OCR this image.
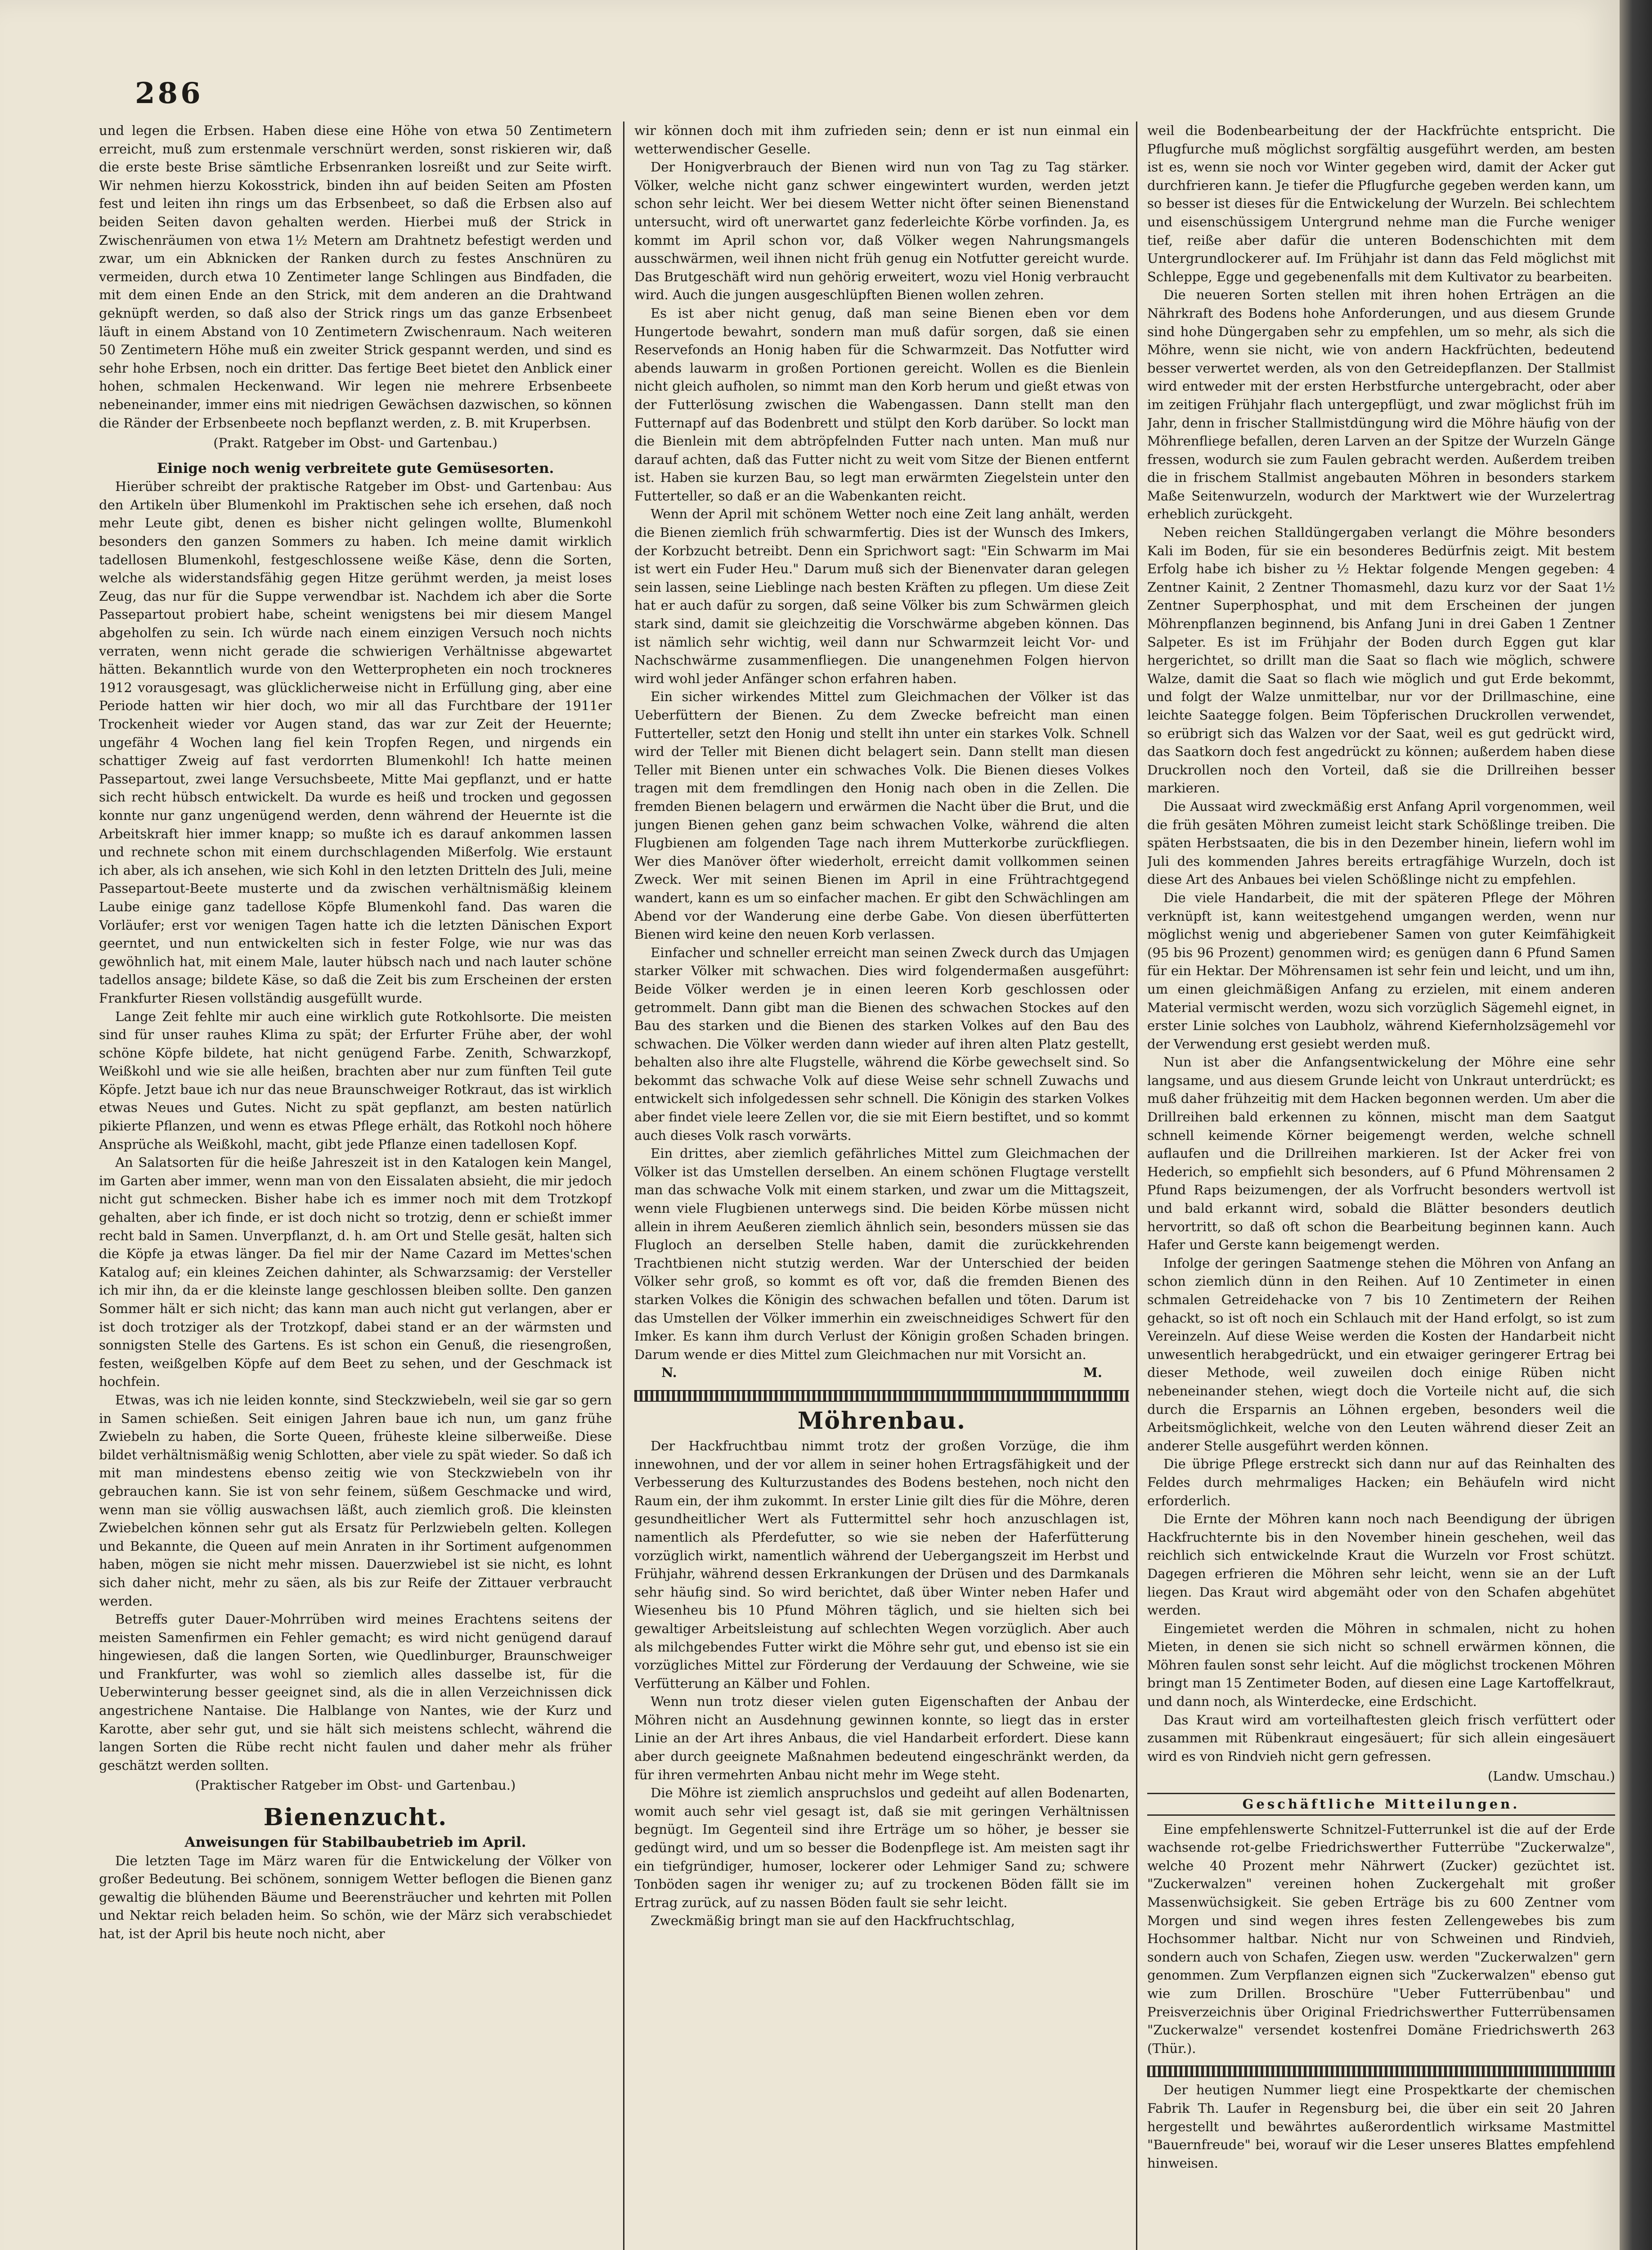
286

und legen die Erbsen. Haben diese eine Höhe von etwa 50 Zentimetern erreicht, muß zum erstenmale verschnürt werden, sonst riskieren wir, daß die erste beste Brise sämtliche Erbsenranken losreißt und zur Seite wirft. Wir nehmen hierzu Kokosstrick, binden ihn auf beiden Seiten am Pfosten fest und leiten ihn rings um das Erbsenbeet, so daß die Erbsen also auf beiden Seiten davon gehalten werden. Hierbei muß der Strick in Zwischenräumen von etwa 1½ Metern am Drahtnetz befestigt werden und zwar, um ein Abknicken der Ranken durch zu festes Anschnüren zu vermeiden, durch etwa 10 Zentimeter lange Schlingen aus Bindfaden, die mit dem einen Ende an den Strick, mit dem anderen an die Drahtwand geknüpft werden, so daß also der Strick rings um das ganze Erbsenbeet läuft in einem Abstand von 10 Zentimetern Zwischenraum. Nach weiteren 50 Zentimetern Höhe muß ein zweiter Strick gespannt werden, und sind es sehr hohe Erbsen, noch ein dritter. Das fertige Beet bietet den Anblick einer hohen, schmalen Heckenwand. Wir legen nie mehrere Erbsenbeete nebeneinander, immer eins mit niedrigen Gewächsen dazwischen, so können die Ränder der Erbsenbeete noch bepflanzt werden, z. B. mit Kruperbsen.

(Prakt. Ratgeber im Obst- und Gartenbau.)

Einige noch wenig verbreitete gute Gemüsesorten.

Hierüber schreibt der praktische Ratgeber im Obst- und Gartenbau: Aus den Artikeln über Blumenkohl im Praktischen sehe ich ersehen, daß noch mehr Leute gibt, denen es bisher nicht gelingen wollte, Blumenkohl besonders den ganzen Sommers zu haben. Ich meine damit wirklich tadellosen Blumenkohl, festgeschlossene weiße Käse, denn die Sorten, welche als widerstandsfähig gegen Hitze gerühmt werden, ja meist loses Zeug, das nur für die Suppe verwendbar ist. Nachdem ich aber die Sorte Passepartout probiert habe, scheint wenigstens bei mir diesem Mangel abgeholfen zu sein. Ich würde nach einem einzigen Versuch noch nichts verraten, wenn nicht gerade die schwierigen Verhältnisse abgewartet hätten. Bekanntlich wurde von den Wetterpropheten ein noch trockneres 1912 vorausgesagt, was glücklicherweise nicht in Erfüllung ging, aber eine Periode hatten wir hier doch, wo mir all das Furchtbare der 1911er Trockenheit wieder vor Augen stand, das war zur Zeit der Heuernte; ungefähr 4 Wochen lang fiel kein Tropfen Regen, und nirgends ein schattiger Zweig auf fast verdorrten Blumenkohl! Ich hatte meinen Passepartout, zwei lange Versuchsbeete, Mitte Mai gepflanzt, und er hatte sich recht hübsch entwickelt. Da wurde es heiß und trocken und gegossen konnte nur ganz ungenügend werden, denn während der Heuernte ist die Arbeitskraft hier immer knapp; so mußte ich es darauf ankommen lassen und rechnete schon mit einem durchschlagenden Mißerfolg. Wie erstaunt ich aber, als ich ansehen, wie sich Kohl in den letzten Dritteln des Juli, meine Passepartout-Beete musterte und da zwischen verhältnismäßig kleinem Laube einige ganz tadellose Köpfe Blumenkohl fand. Das waren die Vorläufer; erst vor wenigen Tagen hatte ich die letzten Dänischen Export geerntet, und nun entwickelten sich in fester Folge, wie nur was das gewöhnlich hat, mit einem Male, lauter hübsch nach und nach lauter schöne tadellos ansage; bildete Käse, so daß die Zeit bis zum Erscheinen der ersten Frankfurter Riesen vollständig ausgefüllt wurde.

Lange Zeit fehlte mir auch eine wirklich gute Rotkohlsorte. Die meisten sind für unser rauhes Klima zu spät; der Erfurter Frühe aber, der wohl schöne Köpfe bildete, hat nicht genügend Farbe. Zenith, Schwarzkopf, Weißkohl und wie sie alle heißen, brachten aber nur zum fünften Teil gute Köpfe. Jetzt baue ich nur das neue Braunschweiger Rotkraut, das ist wirklich etwas Neues und Gutes. Nicht zu spät gepflanzt, am besten natürlich pikierte Pflanzen, und wenn es etwas Pflege erhält, das Rotkohl noch höhere Ansprüche als Weißkohl, macht, gibt jede Pflanze einen tadellosen Kopf.

An Salatsorten für die heiße Jahreszeit ist in den Katalogen kein Mangel, im Garten aber immer, wenn man von den Eissalaten absieht, die mir jedoch nicht gut schmecken. Bisher habe ich es immer noch mit dem Trotzkopf gehalten, aber ich finde, er ist doch nicht so trotzig, denn er schießt immer recht bald in Samen. Unverpflanzt, d. h. am Ort und Stelle gesät, halten sich die Köpfe ja etwas länger. Da fiel mir der Name Cazard im Mettes'schen Katalog auf; ein kleines Zeichen dahinter, als Schwarzsamig: der Versteller ich mir ihn, da er die kleinste lange geschlossen bleiben sollte. Den ganzen Sommer hält er sich nicht; das kann man auch nicht gut verlangen, aber er ist doch trotziger als der Trotzkopf, dabei stand er an der wärmsten und sonnigsten Stelle des Gartens. Es ist schon ein Genuß, die riesengroßen, festen, weißgelben Köpfe auf dem Beet zu sehen, und der Geschmack ist hochfein.

Etwas, was ich nie leiden konnte, sind Steckzwiebeln, weil sie gar so gern in Samen schießen. Seit einigen Jahren baue ich nun, um ganz frühe Zwiebeln zu haben, die Sorte Queen, früheste kleine silberweiße. Diese bildet verhältnismäßig wenig Schlotten, aber viele zu spät wieder. So daß ich mit man mindestens ebenso zeitig wie von Steckzwiebeln von ihr gebrauchen kann. Sie ist von sehr feinem, süßem Geschmacke und wird, wenn man sie völlig auswachsen läßt, auch ziemlich groß. Die kleinsten Zwiebelchen können sehr gut als Ersatz für Perlzwiebeln gelten. Kollegen und Bekannte, die Queen auf mein Anraten in ihr Sortiment aufgenommen haben, mögen sie nicht mehr missen. Dauerzwiebel ist sie nicht, es lohnt sich daher nicht, mehr zu säen, als bis zur Reife der Zittauer verbraucht werden.

Betreffs guter Dauer-Mohrrüben wird meines Erachtens seitens der meisten Samenfirmen ein Fehler gemacht; es wird nicht genügend darauf hingewiesen, daß die langen Sorten, wie Quedlinburger, Braunschweiger und Frankfurter, was wohl so ziemlich alles dasselbe ist, für die Ueberwinterung besser geeignet sind, als die in allen Verzeichnissen dick angestrichene Nantaise. Die Halblange von Nantes, wie der Kurz und Karotte, aber sehr gut, und sie hält sich meistens schlecht, während die langen Sorten die Rübe recht nicht faulen und daher mehr als früher geschätzt werden sollten.

(Praktischer Ratgeber im Obst- und Gartenbau.)

Bienenzucht.

Anweisungen für Stabilbaubetrieb im April.

Die letzten Tage im März waren für die Entwickelung der Völker von großer Bedeutung. Bei schönem, sonnigem Wetter beflogen die Bienen ganz gewaltig die blühenden Bäume und Beerensträucher und kehrten mit Pollen und Nektar reich beladen heim. So schön, wie der März sich verabschiedet hat, ist der April bis heute noch nicht, aber

wir können doch mit ihm zufrieden sein; denn er ist nun einmal ein wetterwendischer Geselle.

Der Honigverbrauch der Bienen wird nun von Tag zu Tag stärker. Völker, welche nicht ganz schwer eingewintert wurden, werden jetzt schon sehr leicht. Wer bei diesem Wetter nicht öfter seinen Bienenstand untersucht, wird oft unerwartet ganz federleichte Körbe vorfinden. Ja, es kommt im April schon vor, daß Völker wegen Nahrungsmangels ausschwärmen, weil ihnen nicht früh genug ein Notfutter gereicht wurde. Das Brutgeschäft wird nun gehörig erweitert, wozu viel Honig verbraucht wird. Auch die jungen ausgeschlüpften Bienen wollen zehren.

Es ist aber nicht genug, daß man seine Bienen eben vor dem Hungertode bewahrt, sondern man muß dafür sorgen, daß sie einen Reservefonds an Honig haben für die Schwarmzeit. Das Notfutter wird abends lauwarm in großen Portionen gereicht. Wollen es die Bienlein nicht gleich aufholen, so nimmt man den Korb herum und gießt etwas von der Futterlösung zwischen die Wabengassen. Dann stellt man den Futternapf auf das Bodenbrett und stülpt den Korb darüber. So lockt man die Bienlein mit dem abtröpfelnden Futter nach unten. Man muß nur darauf achten, daß das Futter nicht zu weit vom Sitze der Bienen entfernt ist. Haben sie kurzen Bau, so legt man erwärmten Ziegelstein unter den Futterteller, so daß er an die Wabenkanten reicht.

Wenn der April mit schönem Wetter noch eine Zeit lang anhält, werden die Bienen ziemlich früh schwarmfertig. Dies ist der Wunsch des Imkers, der Korbzucht betreibt. Denn ein Sprichwort sagt: "Ein Schwarm im Mai ist wert ein Fuder Heu." Darum muß sich der Bienenvater daran gelegen sein lassen, seine Lieblinge nach besten Kräften zu pflegen. Um diese Zeit hat er auch dafür zu sorgen, daß seine Völker bis zum Schwärmen gleich stark sind, damit sie gleichzeitig die Vorschwärme abgeben können. Das ist nämlich sehr wichtig, weil dann nur Schwarmzeit leicht Vor- und Nachschwärme zusammenfliegen. Die unangenehmen Folgen hiervon wird wohl jeder Anfänger schon erfahren haben.

Ein sicher wirkendes Mittel zum Gleichmachen der Völker ist das Ueberfüttern der Bienen. Zu dem Zwecke befreicht man einen Futterteller, setzt den Honig und stellt ihn unter ein starkes Volk. Schnell wird der Teller mit Bienen dicht belagert sein. Dann stellt man diesen Teller mit Bienen unter ein schwaches Volk. Die Bienen dieses Volkes tragen mit dem fremdlingen den Honig nach oben in die Zellen. Die fremden Bienen belagern und erwärmen die Nacht über die Brut, und die jungen Bienen gehen ganz beim schwachen Volke, während die alten Flugbienen am folgenden Tage nach ihrem Mutterkorbe zurückfliegen. Wer dies Manöver öfter wiederholt, erreicht damit vollkommen seinen Zweck. Wer mit seinen Bienen im April in eine Frühtrachtgegend wandert, kann es um so einfacher machen. Er gibt den Schwächlingen am Abend vor der Wanderung eine derbe Gabe. Von diesen überfütterten Bienen wird keine den neuen Korb verlassen.

Einfacher und schneller erreicht man seinen Zweck durch das Umjagen starker Völker mit schwachen. Dies wird folgendermaßen ausgeführt: Beide Völker werden je in einen leeren Korb geschlossen oder getrommelt. Dann gibt man die Bienen des schwachen Stockes auf den Bau des starken und die Bienen des starken Volkes auf den Bau des schwachen. Die Völker werden dann wieder auf ihren alten Platz gestellt, behalten also ihre alte Flugstelle, während die Körbe gewechselt sind. So bekommt das schwache Volk auf diese Weise sehr schnell Zuwachs und entwickelt sich infolgedessen sehr schnell. Die Königin des starken Volkes aber findet viele leere Zellen vor, die sie mit Eiern bestiftet, und so kommt auch dieses Volk rasch vorwärts.

Ein drittes, aber ziemlich gefährliches Mittel zum Gleichmachen der Völker ist das Umstellen derselben. An einem schönen Flugtage verstellt man das schwache Volk mit einem starken, und zwar um die Mittagszeit, wenn viele Flugbienen unterwegs sind. Die beiden Körbe müssen nicht allein in ihrem Aeußeren ziemlich ähnlich sein, besonders müssen sie das Flugloch an derselben Stelle haben, damit die zurückkehrenden Trachtbienen nicht stutzig werden. War der Unterschied der beiden Völker sehr groß, so kommt es oft vor, daß die fremden Bienen des starken Volkes die Königin des schwachen befallen und töten. Darum ist das Umstellen der Völker immerhin ein zweischneidiges Schwert für den Imker. Es kann ihm durch Verlust der Königin großen Schaden bringen. Darum wende er dies Mittel zum Gleichmachen nur mit Vorsicht an.

N.	M.

Möhrenbau.

Der Hackfruchtbau nimmt trotz der großen Vorzüge, die ihm innewohnen, und der vor allem in seiner hohen Ertragsfähigkeit und der Verbesserung des Kulturzustandes des Bodens bestehen, noch nicht den Raum ein, der ihm zukommt. In erster Linie gilt dies für die Möhre, deren gesundheitlicher Wert als Futtermittel sehr hoch anzuschlagen ist, namentlich als Pferdefutter, so wie sie neben der Haferfütterung vorzüglich wirkt, namentlich während der Uebergangszeit im Herbst und Frühjahr, während dessen Erkrankungen der Drüsen und des Darmkanals sehr häufig sind. So wird berichtet, daß über Winter neben Hafer und Wiesenheu bis 10 Pfund Möhren täglich, und sie hielten sich bei gewaltiger Arbeitsleistung auf schlechten Wegen vorzüglich. Aber auch als milchgebendes Futter wirkt die Möhre sehr gut, und ebenso ist sie ein vorzügliches Mittel zur Förderung der Verdauung der Schweine, wie sie Verfütterung an Kälber und Fohlen.

Wenn nun trotz dieser vielen guten Eigenschaften der Anbau der Möhren nicht an Ausdehnung gewinnen konnte, so liegt das in erster Linie an der Art ihres Anbaus, die viel Handarbeit erfordert. Diese kann aber durch geeignete Maßnahmen bedeutend eingeschränkt werden, da für ihren vermehrten Anbau nicht mehr im Wege steht.

Die Möhre ist ziemlich anspruchslos und gedeiht auf allen Bodenarten, womit auch sehr viel gesagt ist, daß sie mit geringen Verhältnissen begnügt. Im Gegenteil sind ihre Erträge um so höher, je besser sie gedüngt wird, und um so besser die Bodenpflege ist. Am meisten sagt ihr ein tiefgründiger, humoser, lockerer oder Lehmiger Sand zu; schwere Tonböden sagen ihr weniger zu; auf zu trockenen Böden fällt sie im Ertrag zurück, auf zu nassen Böden fault sie sehr leicht.

Zweckmäßig bringt man sie auf den Hackfruchtschlag,

weil die Bodenbearbeitung der der Hackfrüchte entspricht. Die Pflugfurche muß möglichst sorgfältig ausgeführt werden, am besten ist es, wenn sie noch vor Winter gegeben wird, damit der Acker gut durchfrieren kann. Je tiefer die Pflugfurche gegeben werden kann, um so besser ist dieses für die Entwickelung der Wurzeln. Bei schlechtem und eisenschüssigem Untergrund nehme man die Furche weniger tief, reiße aber dafür die unteren Bodenschichten mit dem Untergrundlockerer auf. Im Frühjahr ist dann das Feld möglichst mit Schleppe, Egge und gegebenenfalls mit dem Kultivator zu bearbeiten.

Die neueren Sorten stellen mit ihren hohen Erträgen an die Nährkraft des Bodens hohe Anforderungen, und aus diesem Grunde sind hohe Düngergaben sehr zu empfehlen, um so mehr, als sich die Möhre, wenn sie nicht, wie von andern Hackfrüchten, bedeutend besser verwertet werden, als von den Getreidepflanzen. Der Stallmist wird entweder mit der ersten Herbstfurche untergebracht, oder aber im zeitigen Frühjahr flach untergepflügt, und zwar möglichst früh im Jahr, denn in frischer Stallmistdüngung wird die Möhre häufig von der Möhrenfliege befallen, deren Larven an der Spitze der Wurzeln Gänge fressen, wodurch sie zum Faulen gebracht werden. Außerdem treiben die in frischem Stallmist angebauten Möhren in besonders starkem Maße Seitenwurzeln, wodurch der Marktwert wie der Wurzelertrag erheblich zurückgeht.

Neben reichen Stalldüngergaben verlangt die Möhre besonders Kali im Boden, für sie ein besonderes Bedürfnis zeigt. Mit bestem Erfolg habe ich bisher zu ½ Hektar folgende Mengen gegeben: 4 Zentner Kainit, 2 Zentner Thomasmehl, dazu kurz vor der Saat 1½ Zentner Superphosphat, und mit dem Erscheinen der jungen Möhrenpflanzen beginnend, bis Anfang Juni in drei Gaben 1 Zentner Salpeter. Es ist im Frühjahr der Boden durch Eggen gut klar hergerichtet, so drillt man die Saat so flach wie möglich, schwere Walze, damit die Saat so flach wie möglich und gut Erde bekommt, und folgt der Walze unmittelbar, nur vor der Drillmaschine, eine leichte Saategge folgen. Beim Töpferischen Druckrollen verwendet, so erübrigt sich das Walzen vor der Saat, weil es gut gedrückt wird, das Saatkorn doch fest angedrückt zu können; außerdem haben diese Druckrollen noch den Vorteil, daß sie die Drillreihen besser markieren.

Die Aussaat wird zweckmäßig erst Anfang April vorgenommen, weil die früh gesäten Möhren zumeist leicht stark Schößlinge treiben. Die späten Herbstsaaten, die bis in den Dezember hinein, liefern wohl im Juli des kommenden Jahres bereits ertragfähige Wurzeln, doch ist diese Art des Anbaues bei vielen Schößlinge nicht zu empfehlen.

Die viele Handarbeit, die mit der späteren Pflege der Möhren verknüpft ist, kann weitestgehend umgangen werden, wenn nur möglichst wenig und abgeriebener Samen von guter Keimfähigkeit (95 bis 96 Prozent) genommen wird; es genügen dann 6 Pfund Samen für ein Hektar. Der Möhrensamen ist sehr fein und leicht, und um ihn, um einen gleichmäßigen Anfang zu erzielen, mit einem anderen Material vermischt werden, wozu sich vorzüglich Sägemehl eignet, in erster Linie solches von Laubholz, während Kiefernholzsägemehl vor der Verwendung erst gesiebt werden muß.

Nun ist aber die Anfangsentwickelung der Möhre eine sehr langsame, und aus diesem Grunde leicht von Unkraut unterdrückt; es muß daher frühzeitig mit dem Hacken begonnen werden. Um aber die Drillreihen bald erkennen zu können, mischt man dem Saatgut schnell keimende Körner beigemengt werden, welche schnell auflaufen und die Drillreihen markieren. Ist der Acker frei von Hederich, so empfiehlt sich besonders, auf 6 Pfund Möhrensamen 2 Pfund Raps beizumengen, der als Vorfrucht besonders wertvoll ist und bald erkannt wird, sobald die Blätter besonders deutlich hervortritt, so daß oft schon die Bearbeitung beginnen kann. Auch Hafer und Gerste kann beigemengt werden.

Infolge der geringen Saatmenge stehen die Möhren von Anfang an schon ziemlich dünn in den Reihen. Auf 10 Zentimeter in einen schmalen Getreidehacke von 7 bis 10 Zentimetern der Reihen gehackt, so ist oft noch ein Schlauch mit der Hand erfolgt, so ist zum Vereinzeln. Auf diese Weise werden die Kosten der Handarbeit nicht unwesentlich herabgedrückt, und ein etwaiger geringerer Ertrag bei dieser Methode, weil zuweilen doch einige Rüben nicht nebeneinander stehen, wiegt doch die Vorteile nicht auf, die sich durch die Ersparnis an Löhnen ergeben, besonders weil die Arbeitsmöglichkeit, welche von den Leuten während dieser Zeit an anderer Stelle ausgeführt werden können.

Die übrige Pflege erstreckt sich dann nur auf das Reinhalten des Feldes durch mehrmaliges Hacken; ein Behäufeln wird nicht erforderlich.

Die Ernte der Möhren kann noch nach Beendigung der übrigen Hackfruchternte bis in den November hinein geschehen, weil das reichlich sich entwickelnde Kraut die Wurzeln vor Frost schützt. Dagegen erfrieren die Möhren sehr leicht, wenn sie an der Luft liegen. Das Kraut wird abgemäht oder von den Schafen abgehütet werden.

Eingemietet werden die Möhren in schmalen, nicht zu hohen Mieten, in denen sie sich nicht so schnell erwärmen können, die Möhren faulen sonst sehr leicht. Auf die möglichst trockenen Möhren bringt man 15 Zentimeter Boden, auf diesen eine Lage Kartoffelkraut, und dann noch, als Winterdecke, eine Erdschicht.

Das Kraut wird am vorteilhaftesten gleich frisch verfüttert oder zusammen mit Rübenkraut eingesäuert; für sich allein eingesäuert wird es von Rindvieh nicht gern gefressen.

(Landw. Umschau.)

Geschäftliche Mitteilungen.

Eine empfehlenswerte Schnitzel-Futterrunkel ist die auf der Erde wachsende rot-gelbe Friedrichswerther Futterrübe "Zuckerwalze", welche 40 Prozent mehr Nährwert (Zucker) gezüchtet ist. "Zuckerwalzen" vereinen hohen Zuckergehalt mit großer Massenwüchsigkeit. Sie geben Erträge bis zu 600 Zentner vom Morgen und sind wegen ihres festen Zellengewebes bis zum Hochsommer haltbar. Nicht nur von Schweinen und Rindvieh, sondern auch von Schafen, Ziegen usw. werden "Zuckerwalzen" gern genommen. Zum Verpflanzen eignen sich "Zuckerwalzen" ebenso gut wie zum Drillen. Broschüre "Ueber Futterrübenbau" und Preisverzeichnis über Original Friedrichswerther Futterrübensamen "Zuckerwalze" versendet kostenfrei Domäne Friedrichswerth 263 (Thür.).

Der heutigen Nummer liegt eine Prospektkarte der chemischen Fabrik Th. Laufer in Regensburg bei, die über ein seit 20 Jahren hergestellt und bewährtes außerordentlich wirksame Mastmittel "Bauernfreude" bei, worauf wir die Leser unseres Blattes empfehlend hinweisen.
